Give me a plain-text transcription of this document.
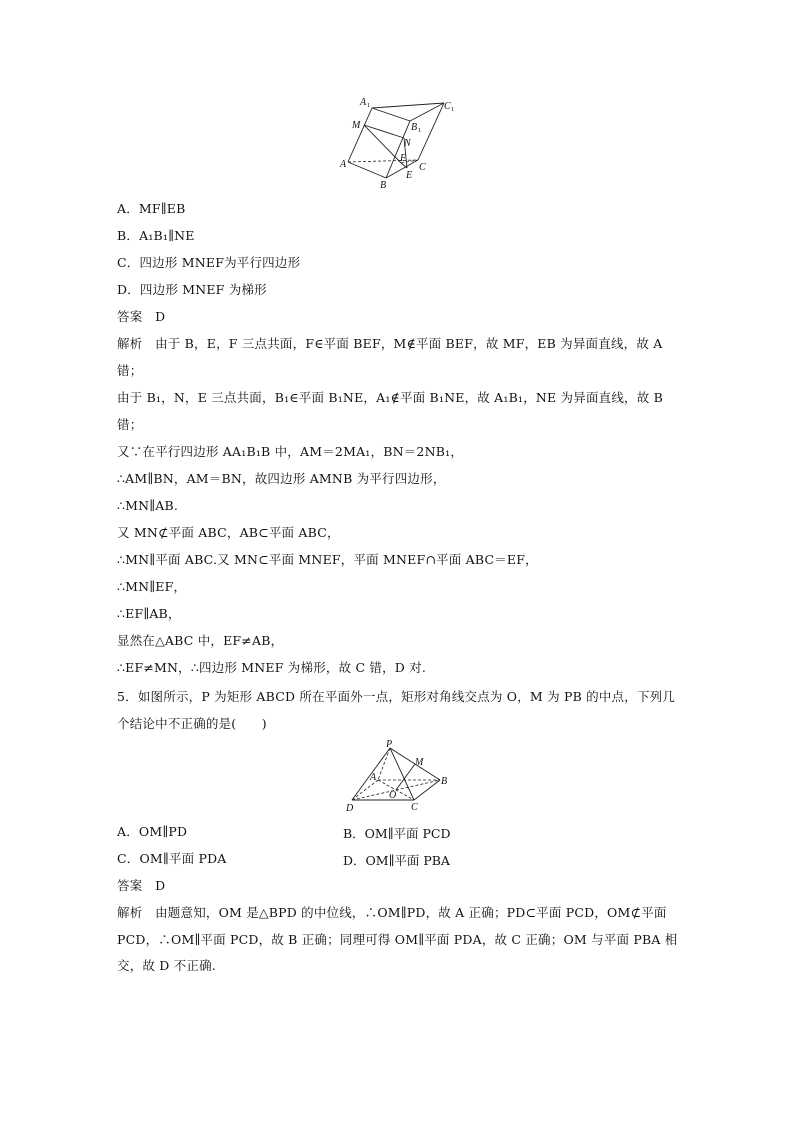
A 1	C 1
B 1
M
N
F
A
B
E
C
A．MF∥EB
B．A₁B₁∥NE
C．四边形 MNEF为平行四边形
D．四边形 MNEF 为梯形
答案　D
解析　由于 B，E，F 三点共面，F∈平面 BEF，M∉平面 BEF，故 MF，EB 为异面直线，故 A
错；
由于 B₁，N，E 三点共面，B₁∈平面 B₁NE，A₁∉平面 B₁NE，故 A₁B₁，NE 为异面直线，故 B
错；
又∵在平行四边形 AA₁B₁B 中，AM＝2MA₁，BN＝2NB₁，
∴AM∥BN，AM＝BN，故四边形 AMNB 为平行四边形，
∴MN∥AB.
又 MN⊄平面 ABC，AB⊂平面 ABC，
∴MN∥平面 ABC.又 MN⊂平面 MNEF，平面 MNEF∩平面 ABC＝EF，
∴MN∥EF，
∴EF∥AB，
显然在△ABC 中，EF≠AB，
∴EF≠MN，∴四边形 MNEF 为梯形，故 C 错，D 对.
5．如图所示，P 为矩形 ABCD 所在平面外一点，矩形对角线交点为 O，M 为 PB 的中点，下列几个结论中不正确的是(　　)
P
M
A	B
O
D	C
A．OM∥PD	B．OM∥平面 PCD
C．OM∥平面 PDA	D．OM∥平面 PBA
答案　D
解析　由题意知，OM 是△BPD 的中位线，∴OM∥PD，故 A 正确；PD⊂平面 PCD，OM⊄平面 PCD，∴OM∥平面 PCD，故 B 正确；同理可得 OM∥平面 PDA，故 C 正确；OM 与平面 PBA 相交，故 D 不正确.
